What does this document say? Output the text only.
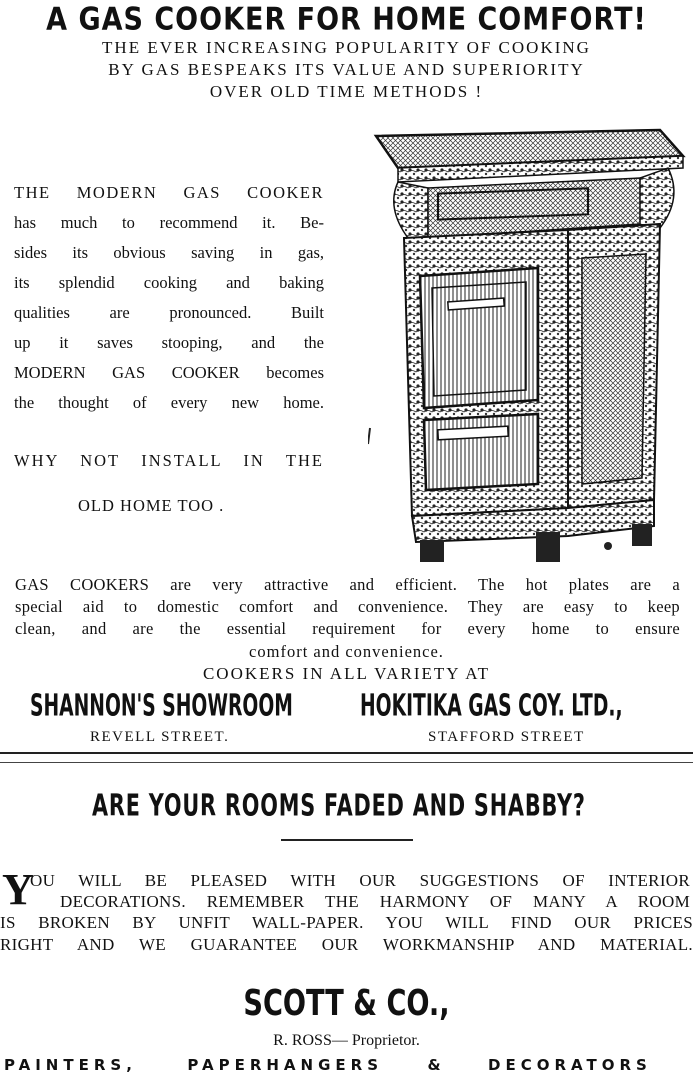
A GAS COOKER FOR HOME COMFORT!
THE EVER INCREASING POPULARITY OF COOKING
BY GAS BESPEAKS ITS VALUE AND SUPERIORITY
OVER OLD TIME METHODS !
THE MODERN GAS COOKER
has much to recommend it. Be-
sides its obvious saving in gas,
its splendid cooking and baking
qualities are pronounced. Built
up it saves stooping, and the
MODERN GAS COOKER becomes
the thought of every new home.
WHY NOT INSTALL IN THE
OLD HOME TOO .
GAS COOKERS are very attractive and efficient. The hot plates are a
special aid to domestic comfort and convenience. They are easy to keep
clean, and are the essential requirement for every home to ensure
comfort and convenience.
COOKERS IN ALL VARIETY AT
SHANNON'S SHOWROOM	HOKITIKA GAS COY. LTD.,
REVELL STREET.	STAFFORD STREET
ARE YOUR ROOMS FADED AND SHABBY?
Y
OU WILL BE PLEASED WITH OUR SUGGESTIONS OF INTERIOR
DECORATIONS. REMEMBER THE HARMONY OF MANY A ROOM
IS BROKEN BY UNFIT WALL-PAPER. YOU WILL FIND OUR PRICES
RIGHT AND WE GUARANTEE OUR WORKMANSHIP AND MATERIAL.
SCOTT & CO.,
R. ROSS— Proprietor.
PAINTERS,	PAPERHANGERS	&	DECORATORS
